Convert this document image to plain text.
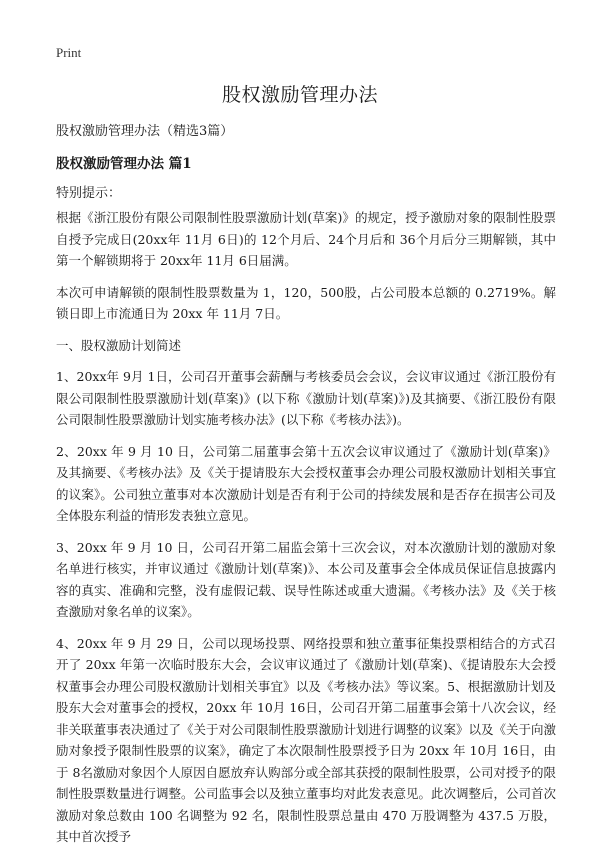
Print
股权激励管理办法

股权激励管理办法（精选3篇）

股权激励管理办法 篇1

特别提示：

根据《浙江股份有限公司限制性股票激励计划(草案)》的规定，授予激励对象的限制性股票自授予完成日(20xx年 11月 6日)的 12个月后、24个月后和 36个月后分三期解锁，其中第一个解锁期将于 20xx年 11月 6日届满。

本次可申请解锁的限制性股票数量为 1，120，500股，占公司股本总额的 0.2719%。解锁日即上市流通日为 20xx 年 11月 7日。

一、股权激励计划简述

1、20xx年 9月 1日，公司召开董事会薪酬与考核委员会会议，会议审议通过《浙江股份有限公司限制性股票激励计划(草案)》(以下称《激励计划(草案)》)及其摘要、《浙江股份有限公司限制性股票激励计划实施考核办法》(以下称《考核办法》)。

2、20xx 年 9 月 10 日，公司第二届董事会第十五次会议审议通过了《激励计划(草案)》及其摘要、《考核办法》及《关于提请股东大会授权董事会办理公司股权激励计划相关事宜的议案》。公司独立董事对本次激励计划是否有利于公司的持续发展和是否存在损害公司及全体股东利益的情形发表独立意见。

3、20xx 年 9 月 10 日，公司召开第二届监会第十三次会议，对本次激励计划的激励对象名单进行核实，并审议通过《激励计划(草案)》、本公司及董事会全体成员保证信息披露内容的真实、准确和完整，没有虚假记载、误导性陈述或重大遗漏。《考核办法》及《关于核查激励对象名单的议案》。

4、20xx 年 9 月 29 日，公司以现场投票、网络投票和独立董事征集投票相结合的方式召开了 20xx 年第一次临时股东大会，会议审议通过了《激励计划(草案)、《提请股东大会授权董事会办理公司股权激励计划相关事宜》以及《考核办法》等议案。5、根据激励计划及股东大会对董事会的授权，20xx 年 10月 16日，公司召开第二届董事会第十八次会议，经非关联董事表决通过了《关于对公司限制性股票激励计划进行调整的议案》以及《关于向激励对象授予限制性股票的议案》，确定了本次限制性股票授予日为 20xx 年 10月 16日，由于 8名激励对象因个人原因自愿放弃认购部分或全部其获授的限制性股票，公司对授予的限制性股票数量进行调整。公司监事会以及独立董事均对此发表意见。此次调整后，公司首次激励对象总数由 100 名调整为 92 名，限制性股票总量由 470 万股调整为 437.5 万股，其中首次授予
